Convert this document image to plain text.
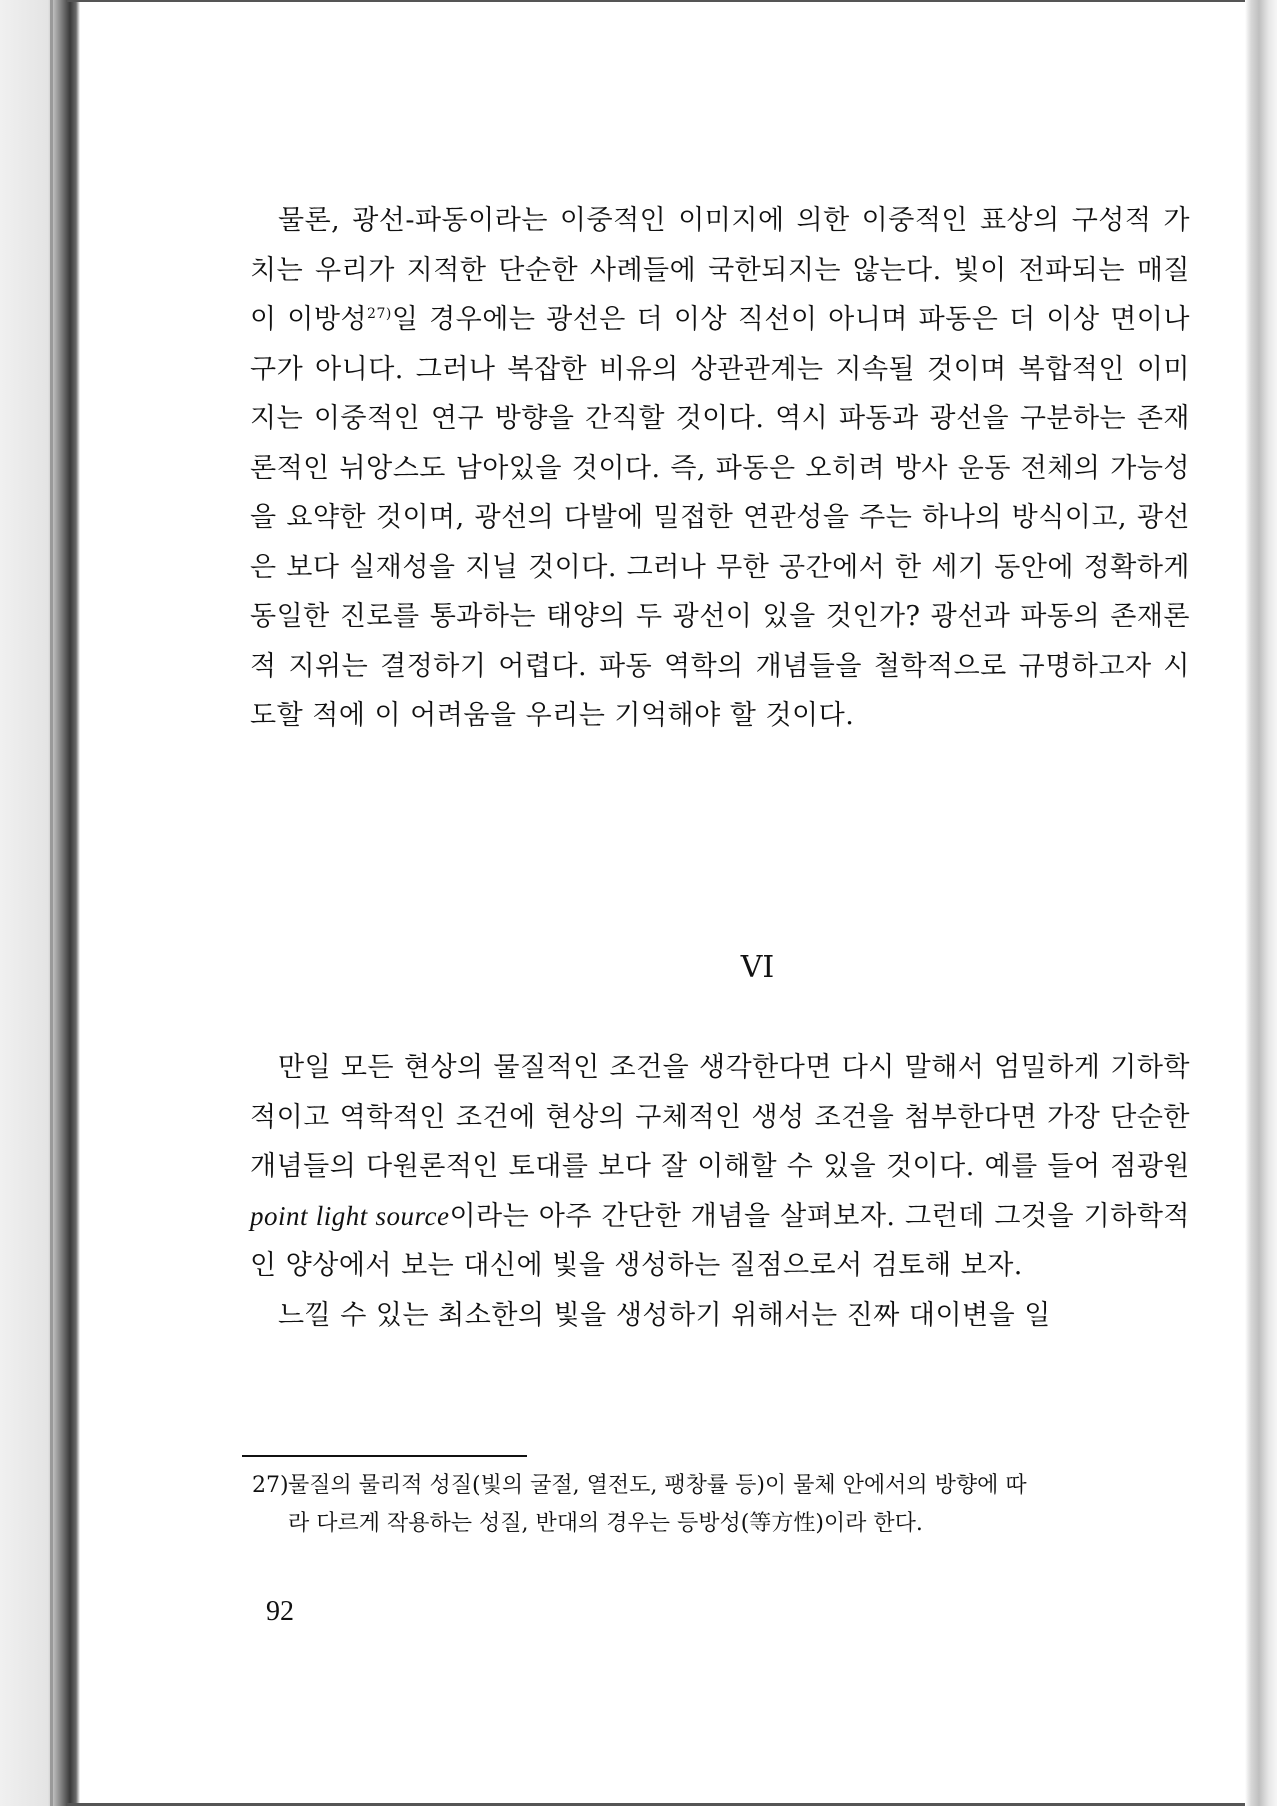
물론, 광선-파동이라는 이중적인 이미지에 의한 이중적인 표상의 구성적 가치는 우리가 지적한 단순한 사례들에 국한되지는 않는다. 빛이 전파되는 매질이 이방성$^{27)}$일 경우에는 광선은 더 이상 직선이 아니며 파동은 더 이상 면이나 구가 아니다. 그러나 복잡한 비유의 상관관계는 지속될 것이며 복합적인 이미지는 이중적인 연구 방향을 간직할 것이다. 역시 파동과 광선을 구분하는 존재론적인 뉘앙스도 남아있을 것이다. 즉, 파동은 오히려 방사 운동 전체의 가능성을 요약한 것이며, 광선의 다발에 밀접한 연관성을 주는 하나의 방식이고, 광선은 보다 실재성을 지닐 것이다. 그러나 무한 공간에서 한 세기 동안에 정확하게 동일한 진로를 통과하는 태양의 두 광선이 있을 것인가? 광선과 파동의 존재론적 지위는 결정하기 어렵다. 파동 역학의 개념들을 철학적으로 규명하고자 시도할 적에 이 어려움을 우리는 기억해야 할 것이다.

VI

만일 모든 현상의 물질적인 조건을 생각한다면 다시 말해서 엄밀하게 기하학적이고 역학적인 조건에 현상의 구체적인 생성 조건을 첨부한다면 가장 단순한 개념들의 다원론적인 토대를 보다 잘 이해할 수 있을 것이다. 예를 들어 점광원point light source이라는 아주 간단한 개념을 살펴보자. 그런데 그것을 기하학적인 양상에서 보는 대신에 빛을 생성하는 질점으로서 검토해 보자.

느낄 수 있는 최소한의 빛을 생성하기 위해서는 진짜 대이변을 일

27)물질의 물리적 성질(빛의 굴절, 열전도, 팽창률 등)이 물체 안에서의 방향에 따
라 다르게 작용하는 성질, 반대의 경우는 등방성(等方性)이라 한다.
92
